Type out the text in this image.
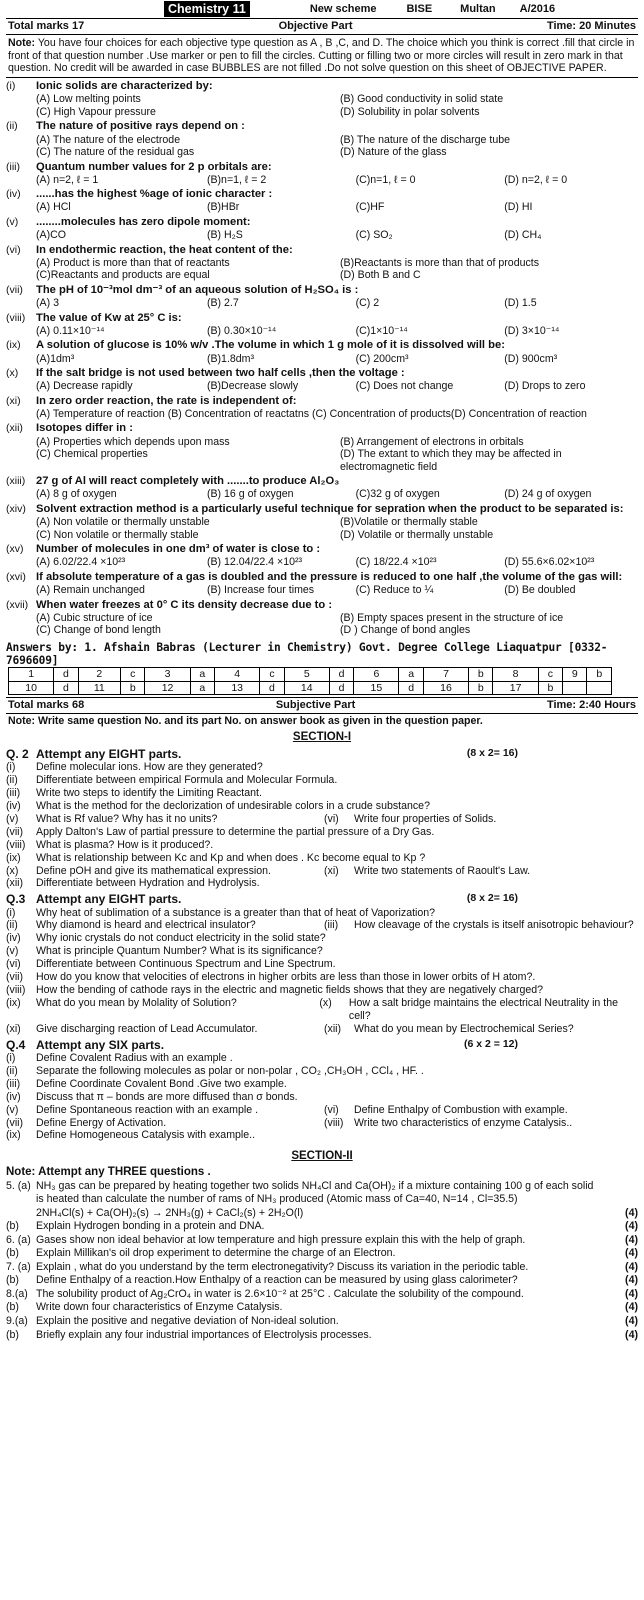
Chemistry 11	New scheme	BISE	Multan A/2016
Total marks 17	Objective Part	Time: 20 Minutes
Note: You have four choices for each objective type question as A , B ,C, and D. The choice which you think is correct .fill that circle in front of that question number .Use marker or pen to fill the circles. Cutting or filling two or more circles will result in zero mark in that question. No credit will be awarded in case BUBBLES are not filled .Do not solve question on this sheet of OBJECTIVE PAPER.
(i)	Ionic solids are characterized by:
(A) Low melting points	(B) Good conductivity in solid state
(C) High Vapour pressure	(D) Solubility in polar solvents
(ii)	The nature of positive rays depend on :
(A) The nature of the electrode	(B) The nature of the discharge tube
(C) The nature of the residual gas	(D) Nature of the glass
(iii)	Quantum number values for 2 p orbitals are:
(A) n=2, ℓ = 1	(B)n=1, ℓ = 2	(C)n=1, ℓ = 0	(D) n=2, ℓ = 0
(iv)	......has the highest %age of ionic character :
(A) HCl	(B)HBr	(C)HF	(D) HI
(v)	........molecules has zero dipole moment:
(A)CO	(B) H₂S	(C) SO₂	(D) CH₄
(vi)	In endothermic reaction, the heat content of the:
(A) Product is more than that of reactants	(B)Reactants is more than that of products
(C)Reactants and products are equal	(D) Both B and C
(vii)	The pH of 10⁻³mol dm⁻³ of an aqueous solution of H₂SO₄ is :
(A) 3	(B) 2.7	(C) 2	(D) 1.5
(viii) The value of Kw at 25° C is:
(A) 0.11×10⁻¹⁴	(B) 0.30×10⁻¹⁴	(C)1×10⁻¹⁴	(D) 3×10⁻¹⁴
(ix)	A solution of glucose is 10% w/v .The volume in which 1 g mole of it is dissolved will be:
(A)1dm³	(B)1.8dm³	(C) 200cm³	(D) 900cm³
(x)	If the salt bridge is not used between two half cells ,then the voltage :
(A) Decrease rapidly	(B)Decrease slowly	(C) Does not change	(D) Drops to zero
(xi)	In zero order reaction, the rate is independent of:
(A) Temperature of reaction (B) Concentration of reactatns (C) Concentration of products(D) Concentration of reaction
(xii)	Isotopes differ in :
(A) Properties which depends upon mass	(B) Arrangement of electrons in orbitals
(C) Chemical properties	(D) The extant to which they may be affected in electromagnetic field
(xiii) 27 g of Al will react completely with .......to produce Al₂O₃
(A) 8 g of oxygen	(B) 16 g of oxygen	(C)32 g of oxygen	(D) 24 g of oxygen
(xiv) Solvent extraction method is a particularly useful technique for sepration when the product to be separated is:
(A) Non volatile or thermally unstable	(B)Volatile or thermally stable
(C) Non volatile or thermally stable	(D) Volatile or thermally unstable
(xv)	Number of molecules in one dm³ of water is close to :
(A) 6.02/22.4 ×10²³	(B) 12.04/22.4 ×10²³	(C) 18/22.4 ×10²³	(D) 55.6×6.02×10²³
(xvi) If absolute temperature of a gas is doubled and the pressure is reduced to one half ,the volume of the gas will:
(A) Remain unchanged	(B) Increase four times	(C) Reduce to ¼	(D) Be doubled
(xvii) When water freezes at 0° C its density decrease due to :
(A) Cubic structure of ice	(B) Empty spaces present in the structure of ice
(C) Change of bond length	(D ) Change of bond angles
Answers by: 1. Afshain Babras (Lecturer in Chemistry) Govt. Degree College Liaquatpur [0332-7696609]
1	d	2	c	3	a	4	c	5	d	6	a	7	b	8	c	9	b
10	d	11	b	12	a	13	d	14	d	15	d	16	b	17	b		
Total marks 68	Subjective Part	Time: 2:40 Hours
Note: Write same question No. and its part No. on answer book as given in the question paper.
SECTION-I
Q. 2 Attempt any EIGHT parts.	(8 x 2= 16)
(i)	Define molecular ions. How are they generated?
(ii)	Differentiate between empirical Formula and Molecular Formula.
(iii)	Write two steps to identify the Limiting Reactant.
(iv)	What is the method for the declorization of undesirable colors in a crude substance?
(v)	What is Rf value? Why has it no units?	(vi)	Write four properties of Solids.
(vii)	Apply Dalton's Law of partial pressure to determine the partial pressure of a Dry Gas.
(viii) What is plasma? How is it produced?.
(ix)	What is relationship between Kc and Kp and when does . Kc become equal to Kp ?
(x)	Define pOH and give its mathematical expression.	(xi)	Write two statements of Raoult's Law.
(xii)	Differentiate between Hydration and Hydrolysis.
Q.3 Attempt any EIGHT parts.	(8 x 2= 16)
(i)	Why heat of sublimation of a substance is a greater than that of heat of Vaporization?
(ii)	Why diamond is heard and electrical insulator?	(iii)	How cleavage of the crystals is itself anisotropic behaviour?
(iv)	Why ionic crystals do not conduct electricity in the solid state?
(v)	What is principle Quantum Number? What is its significance?
(vi)	Differentiate between Continuous Spectrum and Line Spectrum.
(vii)	How do you know that velocities of electrons in higher orbits are less than those in lower orbits of H atom?.
(viii) How the bending of cathode rays in the electric and magnetic fields shows that they are negatively charged?
(ix)	What do you mean by Molality of Solution?	(x)	How a salt bridge maintains the electrical Neutrality in the cell?
(xi)	Give discharging reaction of Lead Accumulator.	(xii)	What do you mean by Electrochemical Series?
Q.4 Attempt any SIX parts.	(6 x 2 = 12)
(i)	Define Covalent Radius with an example .
(ii)	Separate the following molecules as polar or non-polar , CO₂ ,CH₃OH , CCl₄ , HF. .
(iii)	Define Coordinate Covalent Bond .Give two example.
(iv)	Discuss that π – bonds are more diffused than σ bonds.
(v)	Define Spontaneous reaction with an example .	(vi)	Define Enthalpy of Combustion with example.
(vii)	Define Energy of Activation.	(viii) Write two characteristics of enzyme Catalysis..
(ix)	Define Homogeneous Catalysis with example..
SECTION-II
Note: Attempt any THREE questions .
5. (a) NH₃ gas can be prepared by heating together two solids NH₄Cl and Ca(OH)₂ if a mixture containing 100 g of each solid is heated than calculate the number of rams of NH₃ produced (Atomic mass of Ca=40, N=14 , Cl=35.5)
2NH₄Cl(s) + Ca(OH)₂(s) → 2NH₃(g) + CaCl₂(s) + 2H₂O(l)	(4)
(b)	Explain Hydrogen bonding in a protein and DNA.	(4)
6. (a) Gases show non ideal behavior at low temperature and high pressure explain this with the help of graph.	(4)
(b)	Explain Millikan's oil drop experiment to determine the charge of an Electron.	(4)
7. (a) Explain , what do you understand by the term electronegativity? Discuss its variation in the periodic table.	(4)
(b)	Define Enthalpy of a reaction.How Enthalpy of a reaction can be measured by using glass calorimeter?	(4)
8.(a) The solubility product of Ag₂CrO₄ in water is 2.6×10⁻² at 25°C . Calculate the solubility of the compound.	(4)
(b)	Write down four characteristics of Enzyme Catalysis.	(4)
9.(a) Explain the positive and negative deviation of Non-ideal solution.	(4)
(b)	Briefly explain any four industrial importances of Electrolysis processes.	(4)
